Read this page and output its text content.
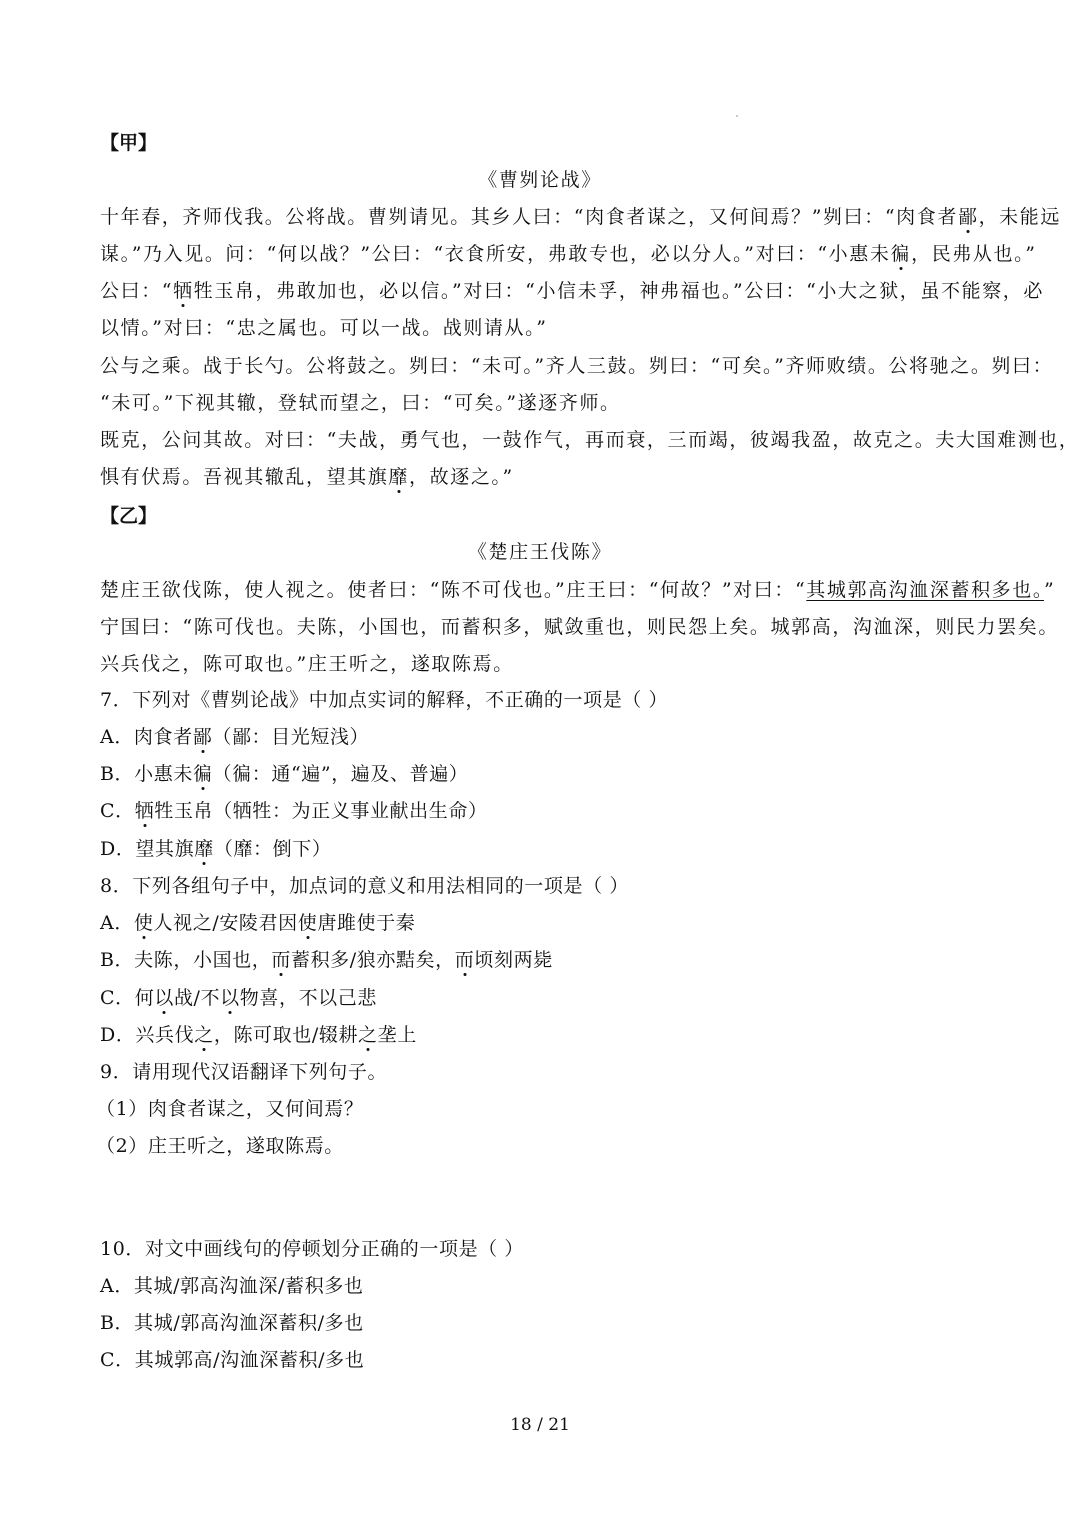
【甲】
《曹刿论战》
十年春，齐师伐我。公将战。曹刿请见。其乡人曰：“肉食者谋之，又何间焉？”刿曰：“肉食者鄙，未能远
谋。”乃入见。问：“何以战？”公曰：“衣食所安，弗敢专也，必以分人。”对曰：“小惠未徧，民弗从也。”
公曰：“牺牲玉帛，弗敢加也，必以信。”对曰：“小信未孚，神弗福也。”公曰：“小大之狱，虽不能察，必
以情。”对曰：“忠之属也。可以一战。战则请从。”
公与之乘。战于长勺。公将鼓之。刿曰：“未可。”齐人三鼓。刿曰：“可矣。”齐师败绩。公将驰之。刿曰：
“未可。”下视其辙，登轼而望之，曰：“可矣。”遂逐齐师。
既克，公问其故。对曰：“夫战，勇气也，一鼓作气，再而衰，三而竭，彼竭我盈，故克之。夫大国难测也，
惧有伏焉。吾视其辙乱，望其旗靡，故逐之。”
【乙】
《楚庄王伐陈》
楚庄王欲伐陈，使人视之。使者曰：“陈不可伐也。”庄王曰：“何故？”对曰：“其城郭高沟洫深蓄积多也。”
宁国曰：“陈可伐也。夫陈，小国也，而蓄积多，赋敛重也，则民怨上矣。城郭高，沟洫深，则民力罢矣。
兴兵伐之，陈可取也。”庄王听之，遂取陈焉。
7．下列对《曹刿论战》中加点实词的解释，不正确的一项是（ ）
A．肉食者鄙（鄙：目光短浅）
B．小惠未徧（徧：通“遍”，遍及、普遍）
C．牺牲玉帛（牺牲：为正义事业献出生命）
D．望其旗靡（靡：倒下）
8．下列各组句子中，加点词的意义和用法相同的一项是（ ）
A．使人视之/安陵君因使唐雎使于秦
B．夫陈，小国也，而蓄积多/狼亦黠矣，而顷刻两毙
C．何以战/不以物喜，不以己悲
D．兴兵伐之，陈可取也/辍耕之垄上
9．请用现代汉语翻译下列句子。
（1）肉食者谋之，又何间焉？
（2）庄王听之，遂取陈焉。
10．对文中画线句的停顿划分正确的一项是（ ）
A．其城/郭高沟洫深/蓄积多也
B．其城/郭高沟洫深蓄积/多也
C．其城郭高/沟洫深蓄积/多也
18 / 21
